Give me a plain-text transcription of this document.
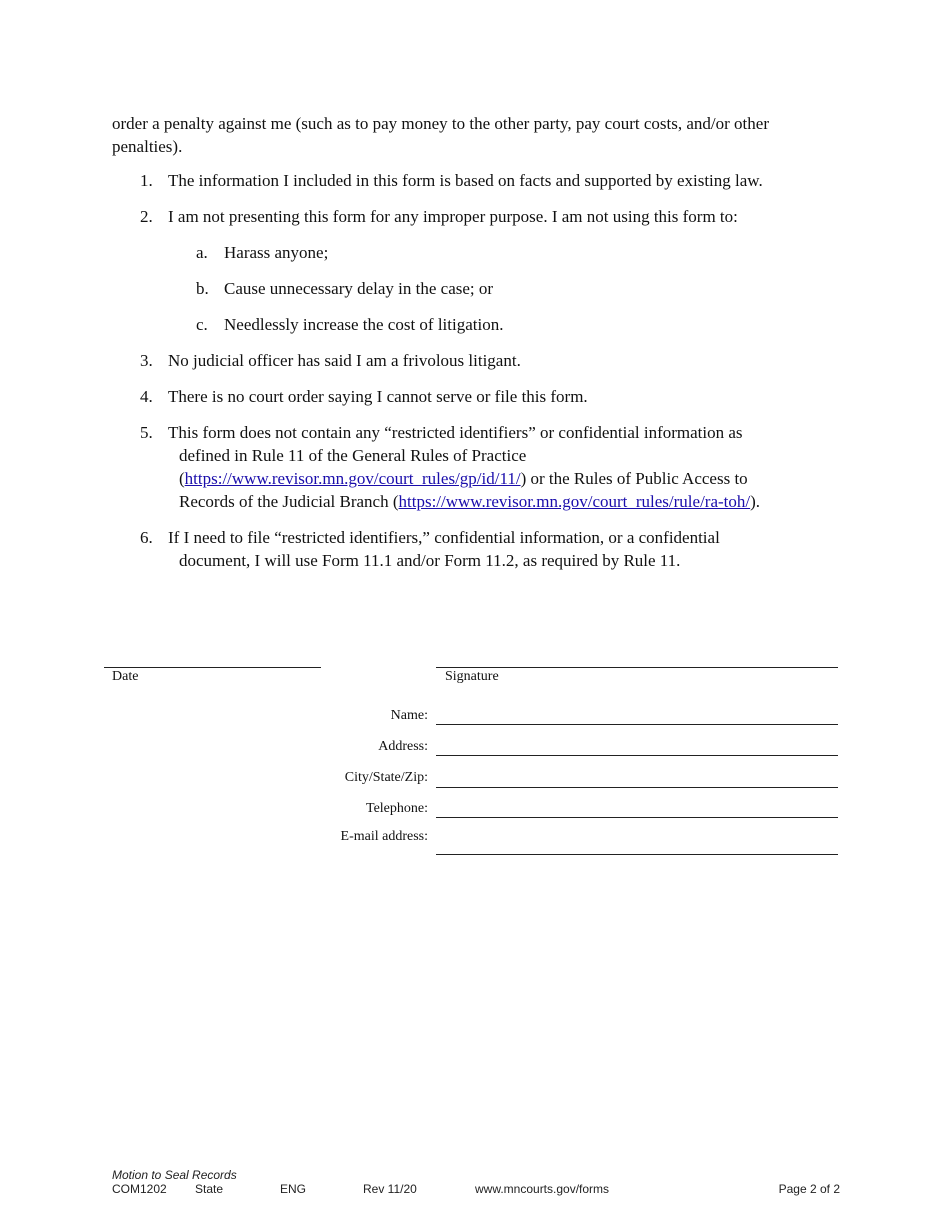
order a penalty against me (such as to pay money to the other party, pay court costs, and/or other penalties).

1. The information I included in this form is based on facts and supported by existing law.
2. I am not presenting this form for any improper purpose. I am not using this form to:
a. Harass anyone;
b. Cause unnecessary delay in the case; or
c. Needlessly increase the cost of litigation.
3. No judicial officer has said I am a frivolous litigant.
4. There is no court order saying I cannot serve or file this form.
5. This form does not contain any “restricted identifiers” or confidential information as
defined in Rule 11 of the General Rules of Practice
(https://www.revisor.mn.gov/court_rules/gp/id/11/) or the Rules of Public Access to
Records of the Judicial Branch (https://www.revisor.mn.gov/court_rules/rule/ra-toh/).
6. If I need to file “restricted identifiers,” confidential information, or a confidential
document, I will use Form 11.1 and/or Form 11.2, as required by Rule 11.
Date	Signature
Name:
Address:
City/State/Zip:
Telephone:
E-mail address:
Motion to Seal Records
COM1202 State	ENG	Rev 11/20	www.mncourts.gov/forms	Page 2 of 2
